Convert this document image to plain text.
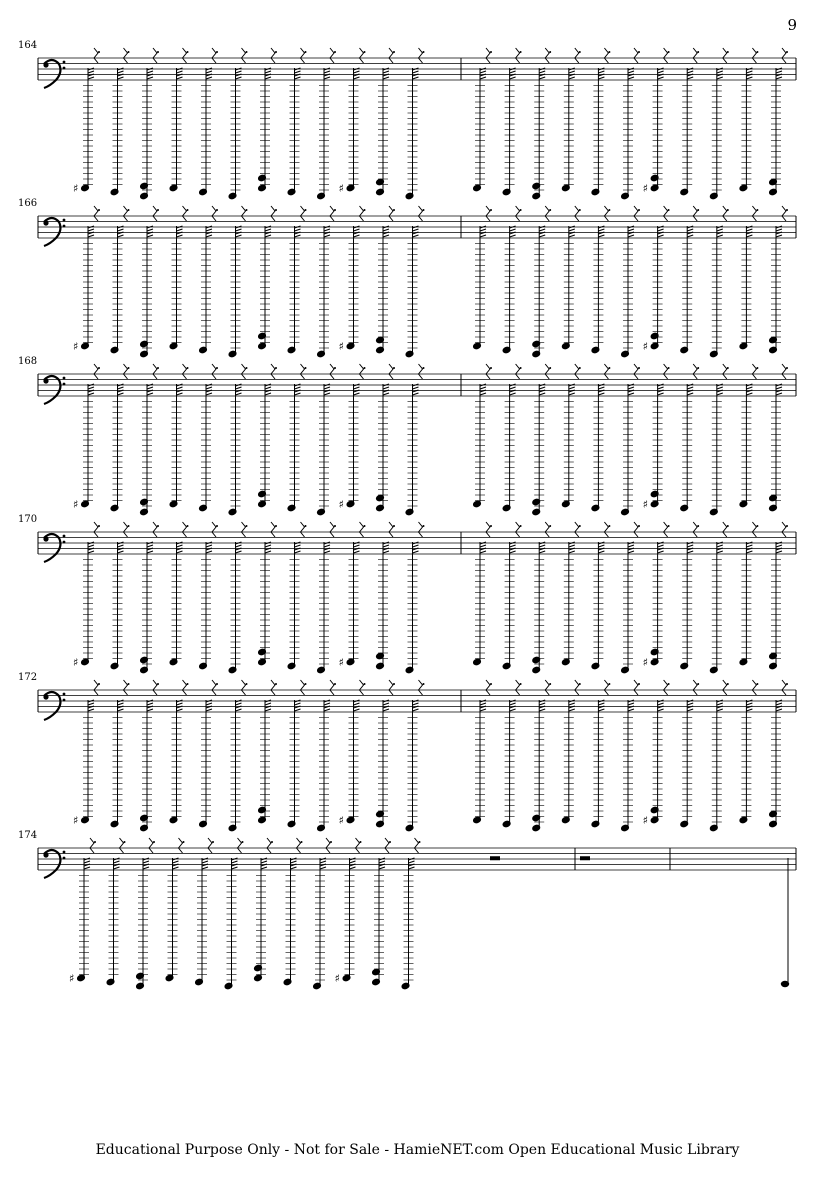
9
164
♯	♯	♯
166
♯	♯	♯
168
♯	♯	♯
170
♯	♯	♯
172
♯	♯	♯
174
♯	♯
Educational Purpose Only - Not for Sale - HamieNET.com Open Educational Music Library
